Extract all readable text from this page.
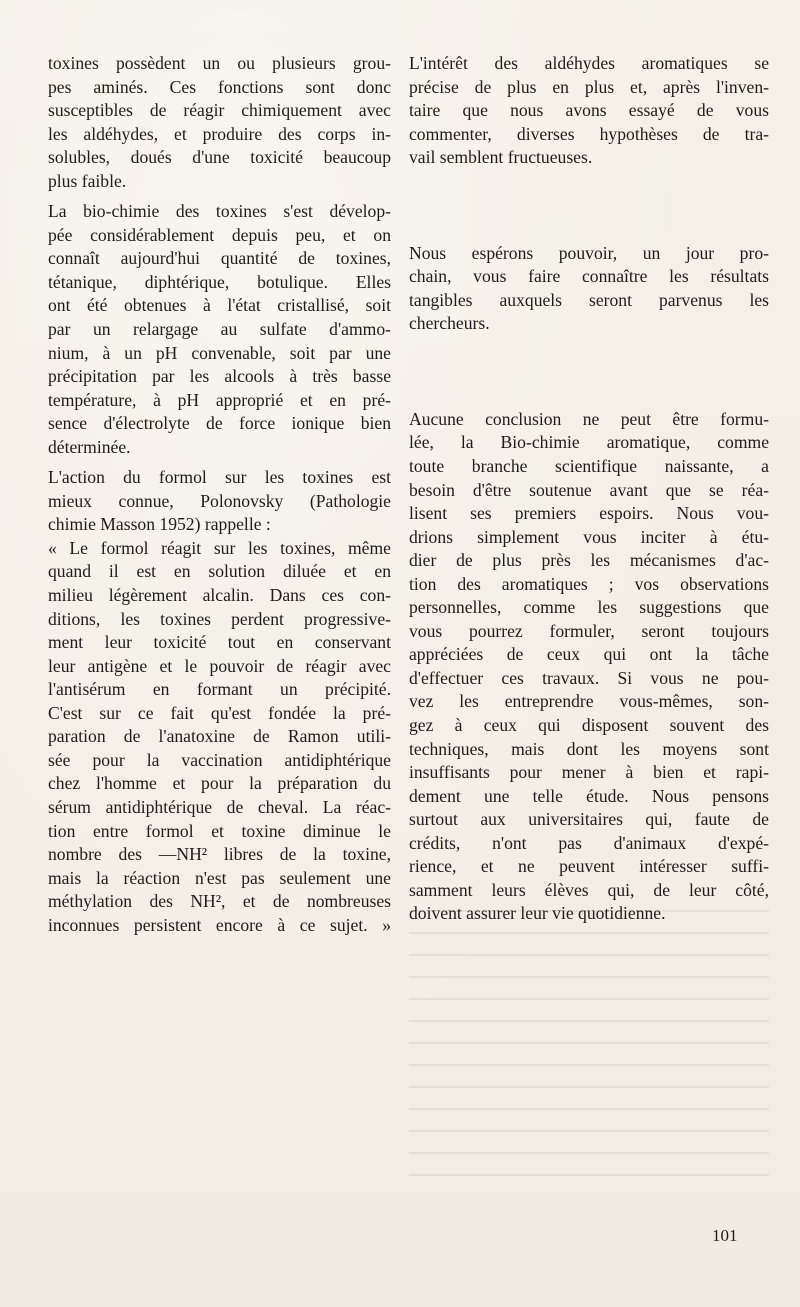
toxines possèdent un ou plusieurs grou-
pes aminés. Ces fonctions sont donc
susceptibles de réagir chimiquement avec
les aldéhydes, et produire des corps in-
solubles, doués d'une toxicité beaucoup
plus faible.
La bio-chimie des toxines s'est dévelop-
pée considérablement depuis peu, et on
connaît aujourd'hui quantité de toxines,
tétanique, diphtérique, botulique. Elles
ont été obtenues à l'état cristallisé, soit
par un relargage au sulfate d'ammo-
nium, à un pH convenable, soit par une
précipitation par les alcools à très basse
température, à pH approprié et en pré-
sence d'électrolyte de force ionique bien
déterminée.
L'action du formol sur les toxines est
mieux connue, Polonovsky (Pathologie
chimie Masson 1952) rappelle :
« Le formol réagit sur les toxines, même
quand il est en solution diluée et en
milieu légèrement alcalin. Dans ces con-
ditions, les toxines perdent progressive-
ment leur toxicité tout en conservant
leur antigène et le pouvoir de réagir avec
l'antisérum en formant un précipité.
C'est sur ce fait qu'est fondée la pré-
paration de l'anatoxine de Ramon utili-
sée pour la vaccination antidiphtérique
chez l'homme et pour la préparation du
sérum antidiphtérique de cheval. La réac-
tion entre formol et toxine diminue le
nombre des —NH² libres de la toxine,
mais la réaction n'est pas seulement une
méthylation des NH², et de nombreuses
inconnues persistent encore à ce sujet. »
L'intérêt des aldéhydes aromatiques se
précise de plus en plus et, après l'inven-
taire que nous avons essayé de vous
commenter, diverses hypothèses de tra-
vail semblent fructueuses.
Nous espérons pouvoir, un jour pro-
chain, vous faire connaître les résultats
tangibles auxquels seront parvenus les
chercheurs.
Aucune conclusion ne peut être formu-
lée, la Bio-chimie aromatique, comme
toute branche scientifique naissante, a
besoin d'être soutenue avant que se réa-
lisent ses premiers espoirs. Nous vou-
drions simplement vous inciter à étu-
dier de plus près les mécanismes d'ac-
tion des aromatiques ; vos observations
personnelles, comme les suggestions que
vous pourrez formuler, seront toujours
appréciées de ceux qui ont la tâche
d'effectuer ces travaux. Si vous ne pou-
vez les entreprendre vous-mêmes, son-
gez à ceux qui disposent souvent des
techniques, mais dont les moyens sont
insuffisants pour mener à bien et rapi-
dement une telle étude. Nous pensons
surtout aux universitaires qui, faute de
crédits, n'ont pas d'animaux d'expé-
rience, et ne peuvent intéresser suffi-
samment leurs élèves qui, de leur côté,
doivent assurer leur vie quotidienne.
101
